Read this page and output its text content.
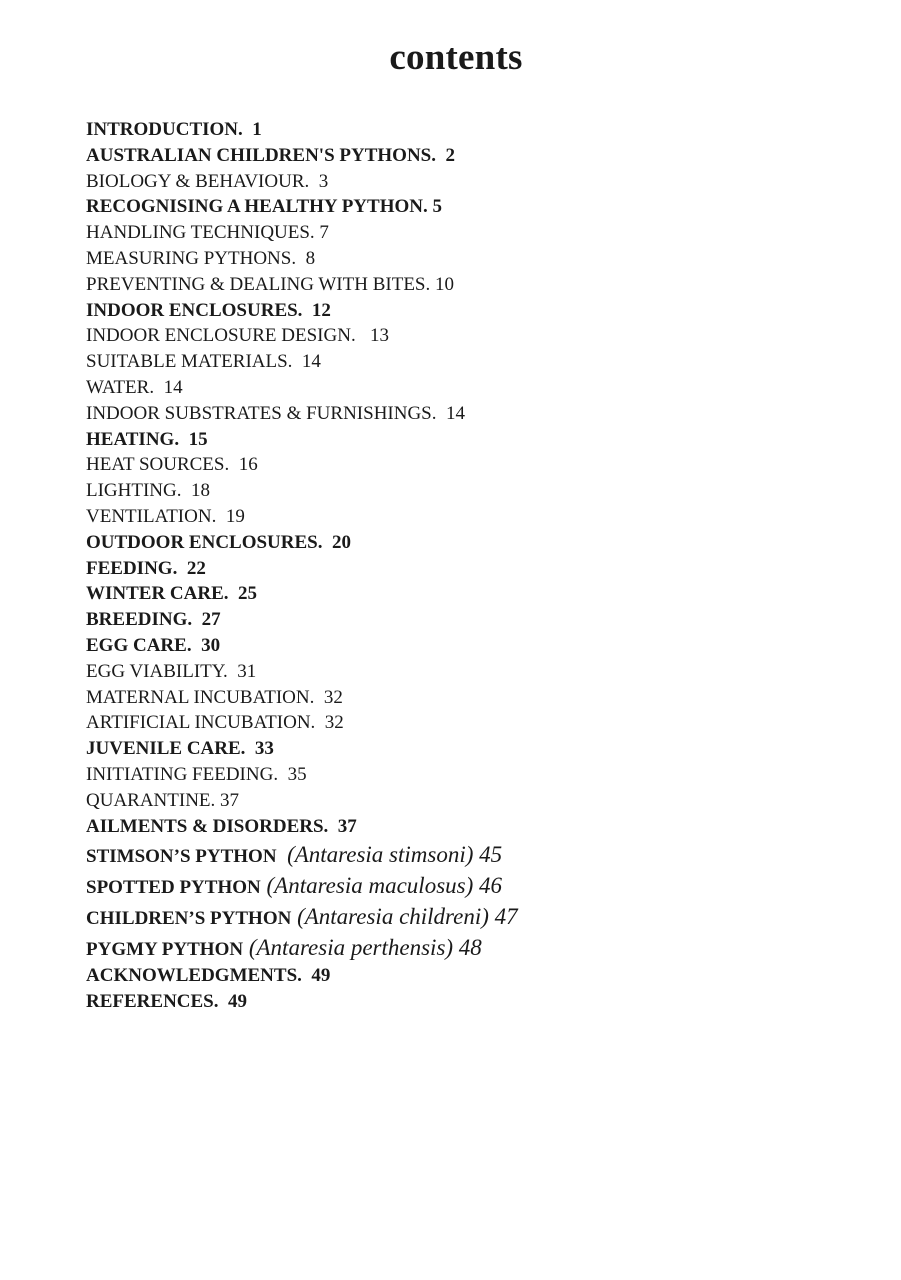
contents
INTRODUCTION.  1
AUSTRALIAN CHILDREN'S PYTHONS.  2
BIOLOGY & BEHAVIOUR.  3
RECOGNISING A HEALTHY PYTHON. 5
HANDLING TECHNIQUES. 7
MEASURING PYTHONS.  8
PREVENTING & DEALING WITH BITES. 10
INDOOR ENCLOSURES.  12
INDOOR ENCLOSURE DESIGN.   13
SUITABLE MATERIALS.  14
WATER.  14
INDOOR SUBSTRATES & FURNISHINGS.  14
HEATING.  15
HEAT SOURCES.  16
LIGHTING.  18
VENTILATION.  19
OUTDOOR ENCLOSURES.  20
FEEDING.  22
WINTER CARE.  25
BREEDING.  27
EGG CARE.  30
EGG VIABILITY.  31
MATERNAL INCUBATION.  32
ARTIFICIAL INCUBATION.  32
JUVENILE CARE.  33
INITIATING FEEDING.  35
QUARANTINE. 37
AILMENTS & DISORDERS.  37
STIMSON’S PYTHON  (Antaresia stimsoni) 45
SPOTTED PYTHON (Antaresia maculosus) 46
CHILDREN’S PYTHON (Antaresia childreni) 47
PYGMY PYTHON (Antaresia perthensis) 48
ACKNOWLEDGMENTS.  49
REFERENCES.  49
